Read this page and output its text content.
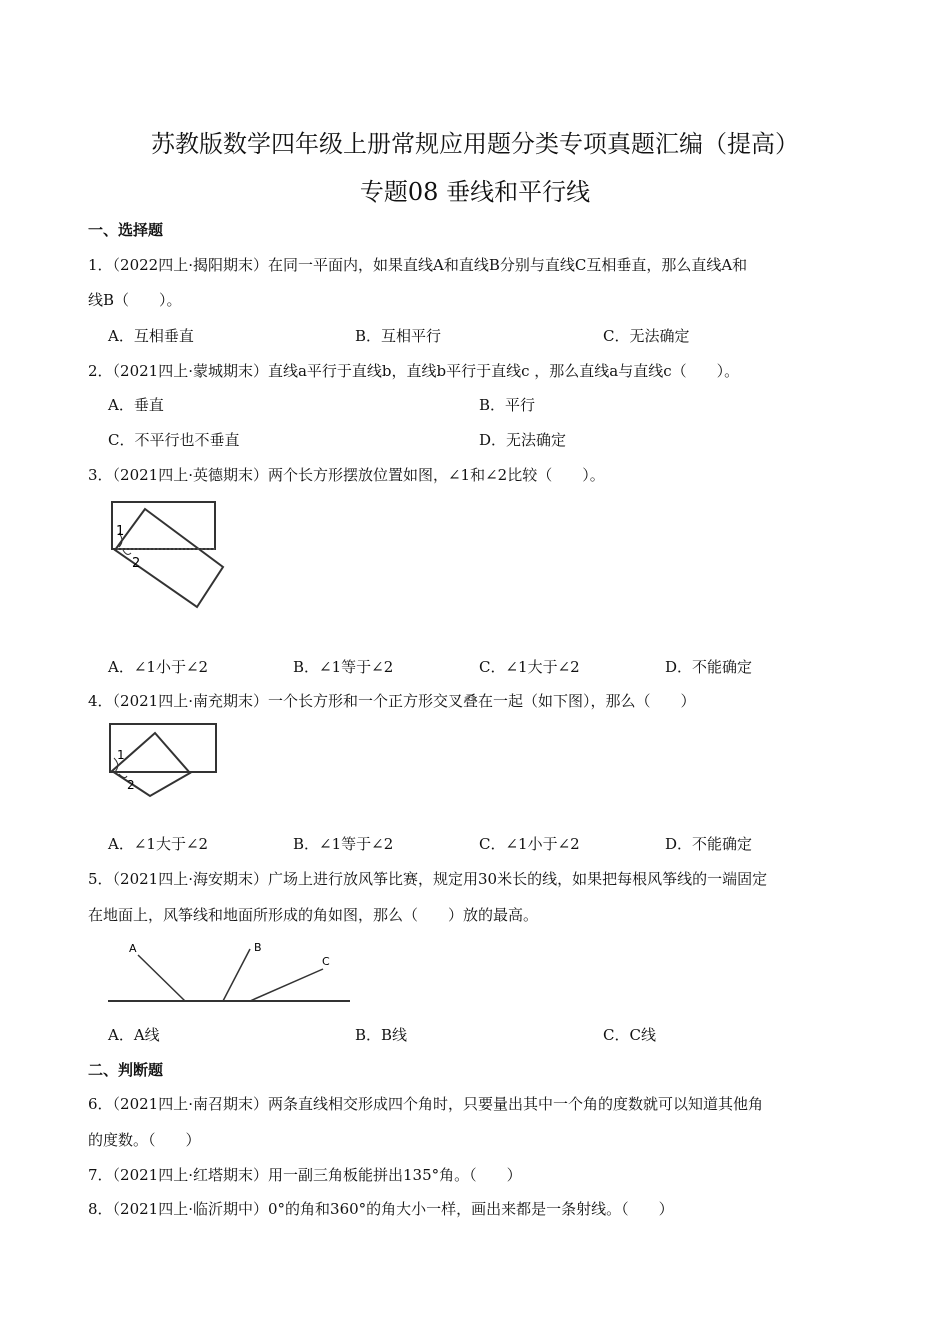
苏教版数学四年级上册常规应用题分类专项真题汇编（提高）
专题08 垂线和平行线
一、选择题
1．（2022四上·揭阳期末）在同一平面内，如果直线A和直线B分别与直线C互相垂直，那么直线A和
线B（　　）。
A．互相垂直	B．互相平行	C．无法确定
2．（2021四上·蒙城期末）直线a平行于直线b，直线b平行于直线c ，那么直线a与直线c（　　）。
A．垂直	B．平行
C．不平行也不垂直	D．无法确定
3．（2021四上·英德期末）两个长方形摆放位置如图，∠1和∠2比较（　　）。
1
2
A．∠1小于∠2	B．∠1等于∠2	C．∠1大于∠2	D．不能确定
4．（2021四上·南充期末）一个长方形和一个正方形交叉叠在一起（如下图），那么（　　）
1
2
A．∠1大于∠2	B．∠1等于∠2	C．∠1小于∠2	D．不能确定
5．（2021四上·海安期末）广场上进行放风筝比赛，规定用30米长的线，如果把每根风筝线的一端固定
在地面上，风筝线和地面所形成的角如图，那么（　　）放的最高。
A	B
C
A．A线	B．B线	C．C线
二、判断题
6．（2021四上·南召期末）两条直线相交形成四个角时，只要量出其中一个角的度数就可以知道其他角
的度数。（　　）
7．（2021四上·红塔期末）用一副三角板能拼出135°角。（　　）
8．（2021四上·临沂期中）0°的角和360°的角大小一样，画出来都是一条射线。（　　）
